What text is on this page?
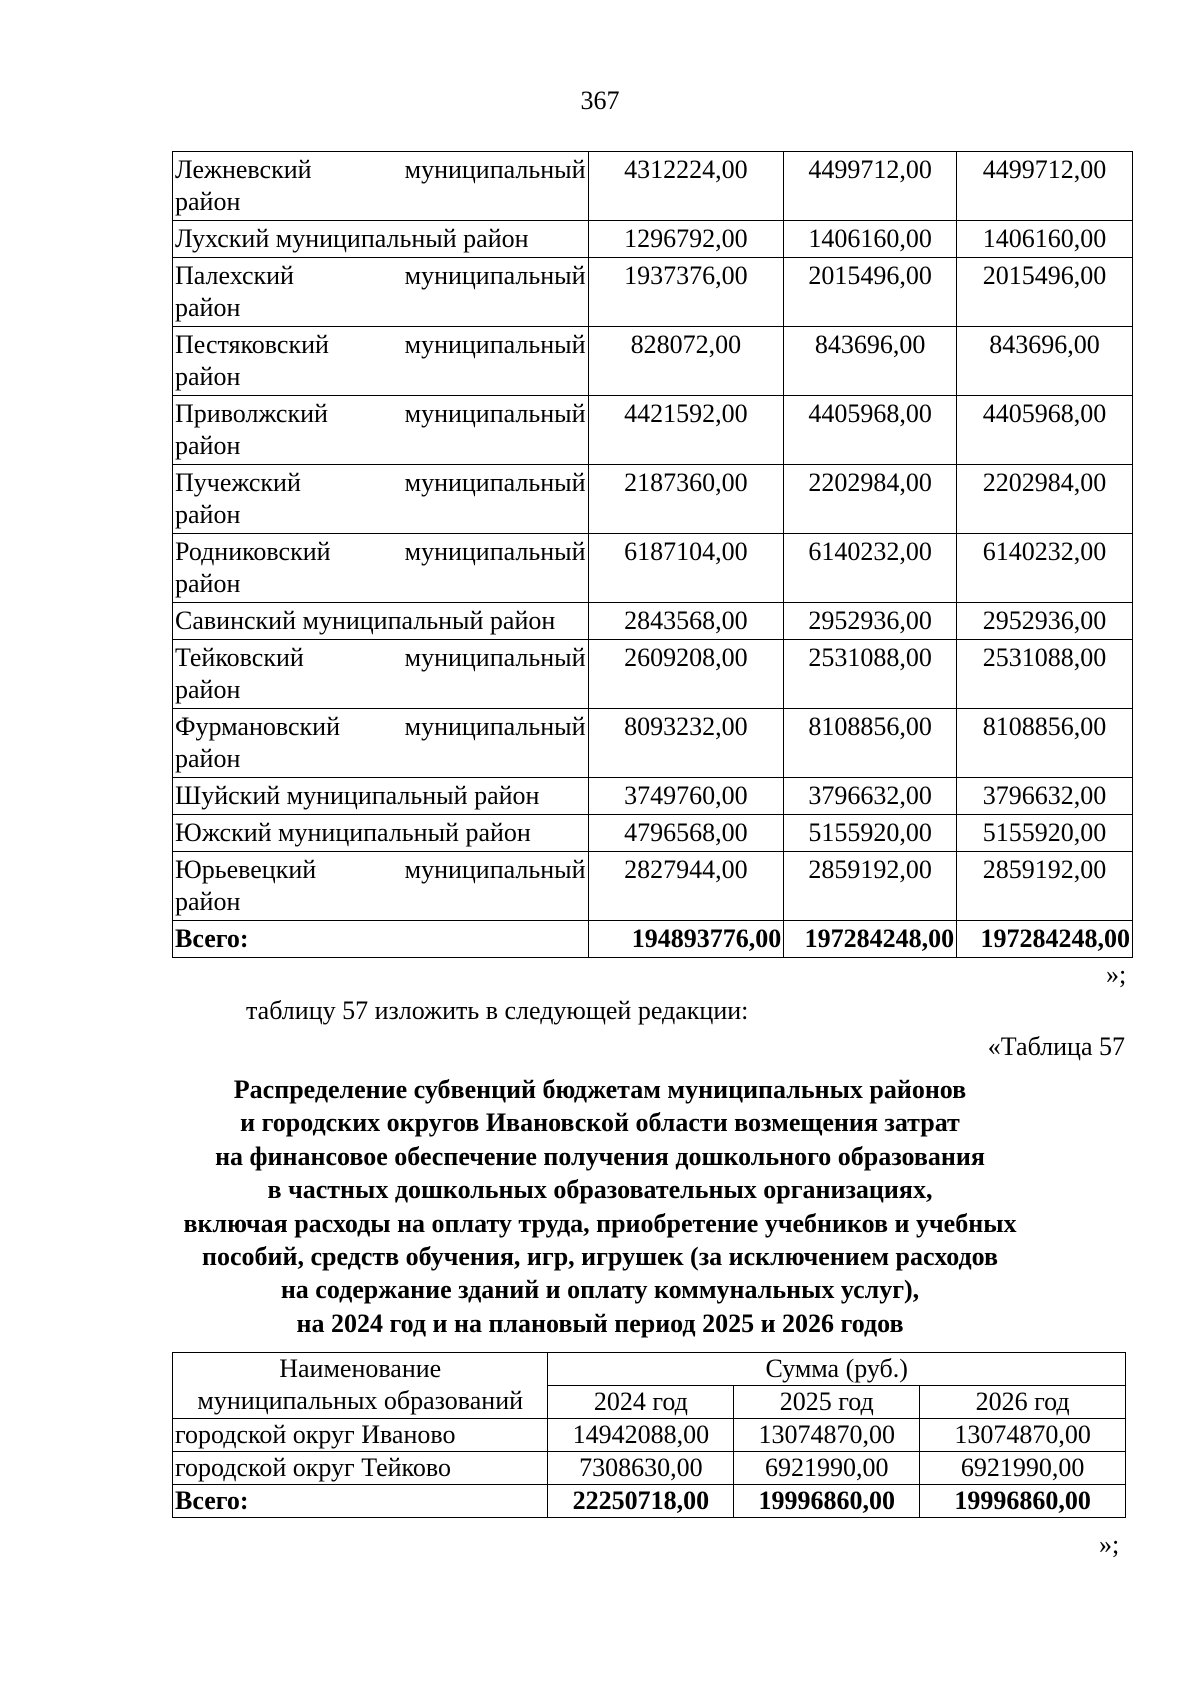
367
Лежневский муниципальный
район	4312224,00	4499712,00	4499712,00
Лухский муниципальный район	1296792,00	1406160,00	1406160,00

Палехский муниципальный
район	1937376,00	2015496,00	2015496,00

Пестяковский муниципальный
район	828072,00	843696,00	843696,00

Приволжский муниципальный
район	4421592,00	4405968,00	4405968,00

Пучежский муниципальный
район	2187360,00	2202984,00	2202984,00

Родниковский муниципальный
район	6187104,00	6140232,00	6140232,00
Савинский муниципальный район	2843568,00	2952936,00	2952936,00

Тейковский муниципальный
район	2609208,00	2531088,00	2531088,00

Фурмановский муниципальный
район	8093232,00	8108856,00	8108856,00
Шуйский муниципальный район	3749760,00	3796632,00	3796632,00
Южский муниципальный район	4796568,00	5155920,00	5155920,00

Юрьевецкий муниципальный
район	2827944,00	2859192,00	2859192,00
Всего:	194893776,00	197284248,00	197284248,00
»;
таблицу 57 изложить в следующей редакции:
«Таблица 57
Распределение субвенций бюджетам муниципальных районов
и городских округов Ивановской области возмещения затрат
на финансовое обеспечение получения дошкольного образования
в частных дошкольных образовательных организациях,
включая расходы на оплату труда, приобретение учебников и учебных
пособий, средств обучения, игр, игрушек (за исключением расходов
на содержание зданий и оплату коммунальных услуг),
на 2024 год и на плановый период 2025 и 2026 годов
Наименование
муниципальных образований	Сумма (руб.)		
	2024 год	2025 год	2026 год
городской округ Иваново	14942088,00	13074870,00	13074870,00
городской округ Тейково	7308630,00	6921990,00	6921990,00
Всего:	22250718,00	19996860,00	19996860,00
»;
